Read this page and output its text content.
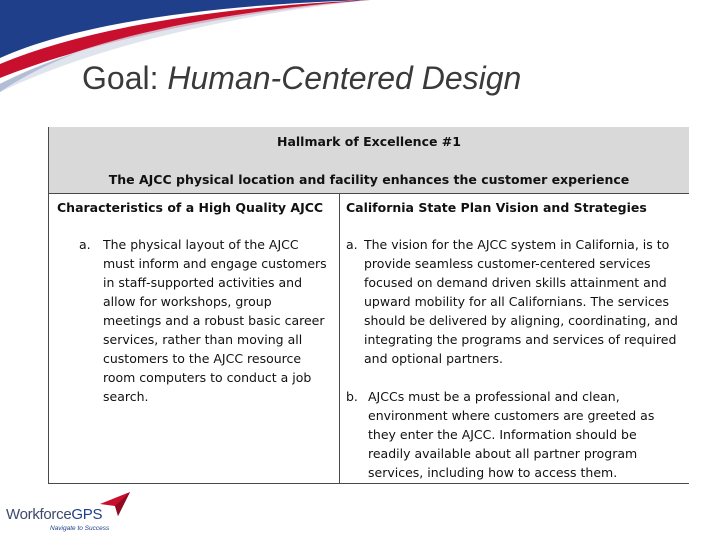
Goal: Human-Centered Design
Hallmark of Excellence #1
The AJCC physical location and facility enhances the customer experience
Characteristics of a High Quality AJCC California State Plan Vision and Strategies
a. The physical layout of the AJCC
must inform and engage customers
in staff-supported activities and
allow for workshops, group
meetings and a robust basic career
services, rather than moving all
customers to the AJCC resource
room computers to conduct a job
search.
a. The vision for the AJCC system in California, is to
provide seamless customer-centered services
focused on demand driven skills attainment and
upward mobility for all Californians. The services
should be delivered by aligning, coordinating, and
integrating the programs and services of required
and optional partners.
b. AJCCs must be a professional and clean,
environment where customers are greeted as
they enter the AJCC. Information should be
readily available about all partner program
services, including how to access them.
WorkforceGPS
Navigate to Success
